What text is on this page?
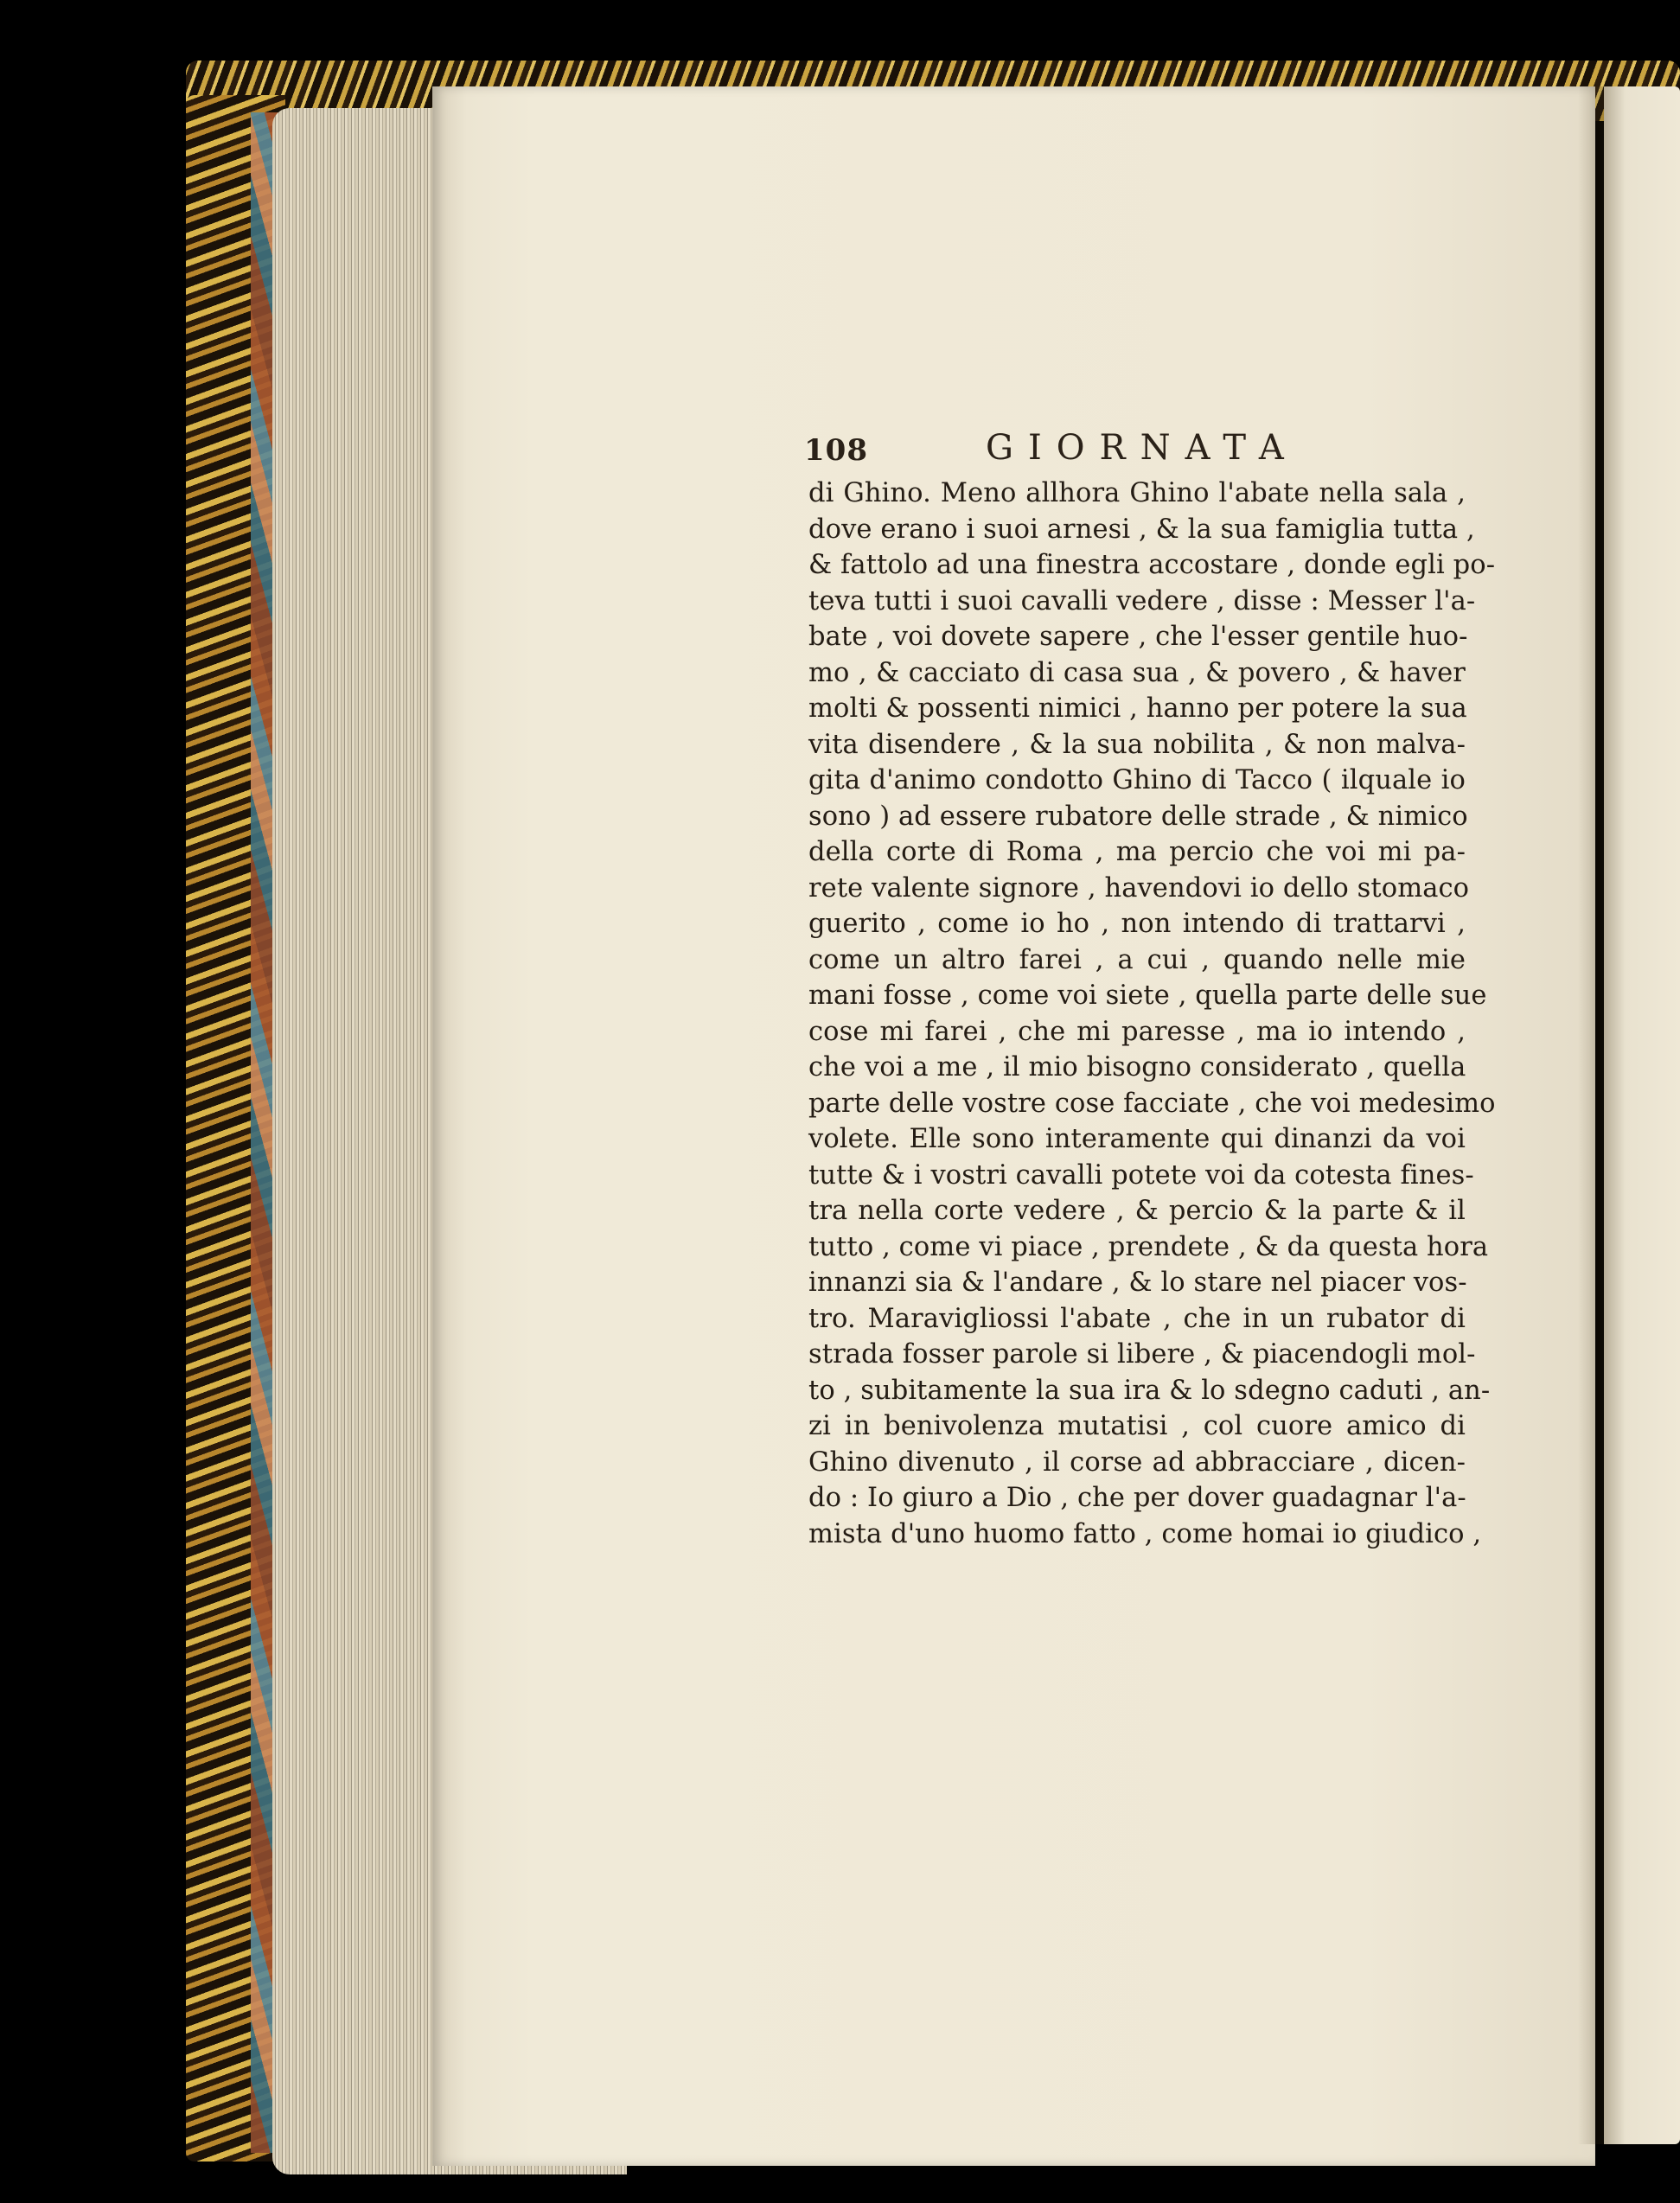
108	GIORNATA
di Ghino. Meno allhora Ghino l'abate nella sala ,
dove erano i suoi arnesi , & la sua famiglia tutta ,
& fattolo ad una finestra accostare , donde egli po-
teva tutti i suoi cavalli vedere , disse : Messer l'a-
bate , voi dovete sapere , che l'esser gentile huo-
mo , & cacciato di casa sua , & povero , & haver
molti & possenti nimici , hanno per potere la sua
vita disendere , & la sua nobilita , & non malva-
gita d'animo condotto Ghino di Tacco ( ilquale io
sono ) ad essere rubatore delle strade , & nimico
della corte di Roma , ma percio che voi mi pa-
rete valente signore , havendovi io dello stomaco
guerito , come io ho , non intendo di trattarvi ,
come un altro farei , a cui , quando nelle mie
mani fosse , come voi siete , quella parte delle sue
cose mi farei , che mi paresse , ma io intendo ,
che voi a me , il mio bisogno considerato , quella
parte delle vostre cose facciate , che voi medesimo
volete. Elle sono interamente qui dinanzi da voi
tutte & i vostri cavalli potete voi da cotesta fines-
tra nella corte vedere , & percio & la parte & il
tutto , come vi piace , prendete , & da questa hora
innanzi sia & l'andare , & lo stare nel piacer vos-
tro. Maravigliossi l'abate , che in un rubator di
strada fosser parole si libere , & piacendogli mol-
to , subitamente la sua ira & lo sdegno caduti , an-
zi in benivolenza mutatisi , col cuore amico di
Ghino divenuto , il corse ad abbracciare , dicen-
do : Io giuro a Dio , che per dover guadagnar l'a-
mista d'uno huomo fatto , come homai io giudico ,
